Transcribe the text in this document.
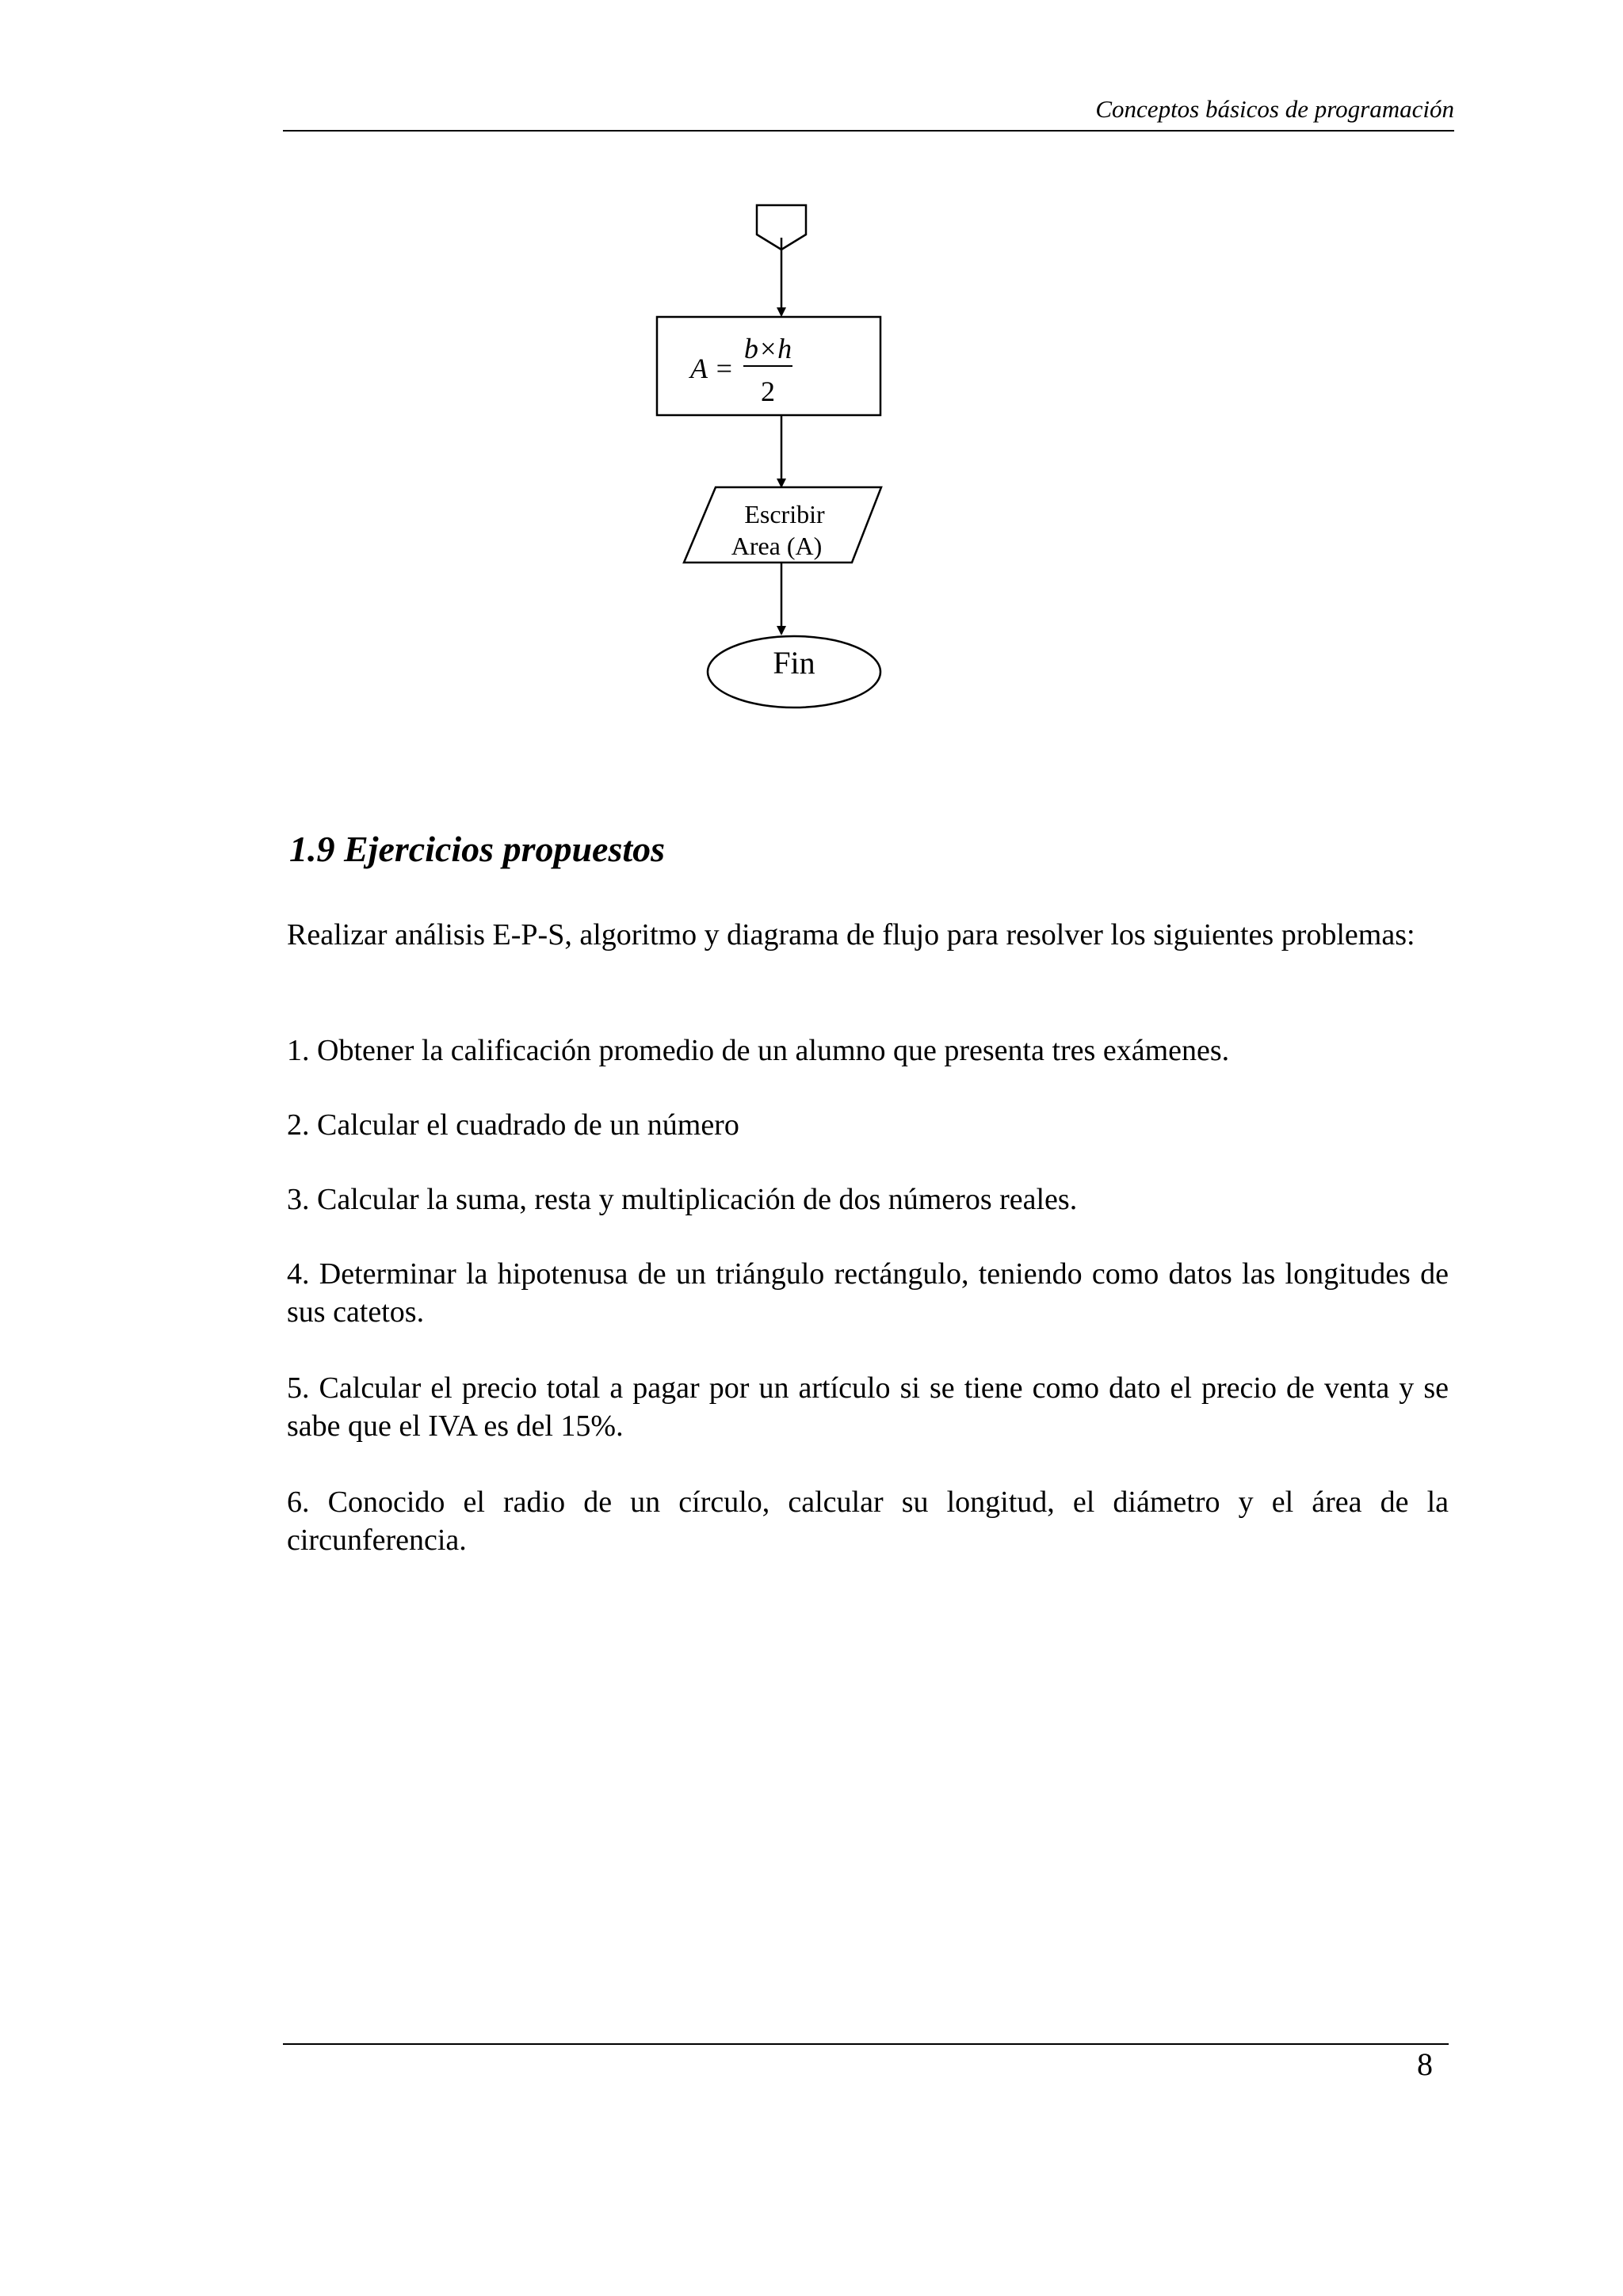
Conceptos básicos de programación
A =
b×h
2
Escribir
Area (A)
Fin
1.9 Ejercicios propuestos
Realizar análisis E-P-S, algoritmo y diagrama de flujo para resolver los siguientes problemas:
1. Obtener la calificación promedio de un alumno que presenta tres exámenes.
2. Calcular el cuadrado de un número
3. Calcular la suma, resta y multiplicación de dos números reales.
4. Determinar la hipotenusa de un triángulo rectángulo, teniendo como datos las longitudes de sus catetos.
5. Calcular el precio total a pagar por un artículo si se tiene como dato el precio de venta y se sabe que el IVA es del 15%.
6. Conocido el radio de un círculo, calcular su longitud, el diámetro y el área de la circunferencia.
8
